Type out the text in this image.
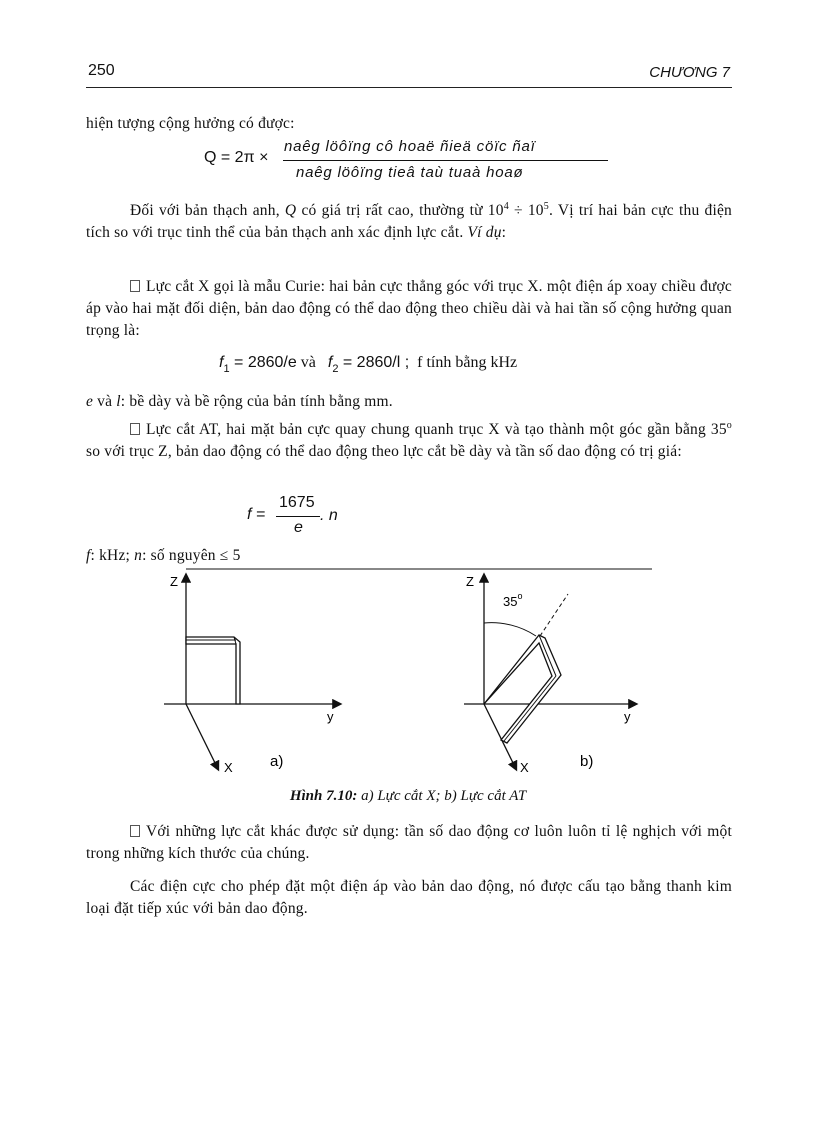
250	CHƯƠNG 7
hiện tượng cộng hưởng có được:
Q = 2π ×
naêg löôïng cô hoaë ñieä cöïc ñaï
naêg löôïng tieâ taù tuaà hoaø
Đối với bản thạch anh, Q có giá trị rất cao, thường từ $10^4 \div 10^5$. Vị trí hai bản cực thu điện tích so với trục tinh thể của bản thạch anh xác định lực cắt. Ví dụ:
Lực cắt X gọi là mẫu Curie: hai bản cực thẳng góc với trục X. một điện áp xoay chiều được áp vào hai mặt đối diện, bản dao động có thể dao động theo chiều dài và hai tần số cộng hưởng quan trọng là:
$f_1 = 2860/e$ và $f_2 = 2860/l$ ; f tính bằng kHz
e và l: bề dày và bề rộng của bản tính bằng mm.
Lực cắt AT, hai mặt bản cực quay chung quanh trục X và tạo thành một góc gần bằng 35$^o$ so với trục Z, bản dao động có thể dao động theo lực cắt bề dày và tần số dao động có trị giá:
f =
1675
e
. n
f: kHz; n: số nguyên ≤ 5
Z
y
X a)
Z
35$^o$
y
X	b)
Hình 7.10: a) Lực cắt X; b) Lực cắt AT
Với những lực cắt khác được sử dụng: tần số dao động cơ luôn luôn tỉ lệ nghịch với một trong những kích thước của chúng.
Các điện cực cho phép đặt một điện áp vào bản dao động, nó được cấu tạo bằng thanh kim loại đặt tiếp xúc với bản dao động.
